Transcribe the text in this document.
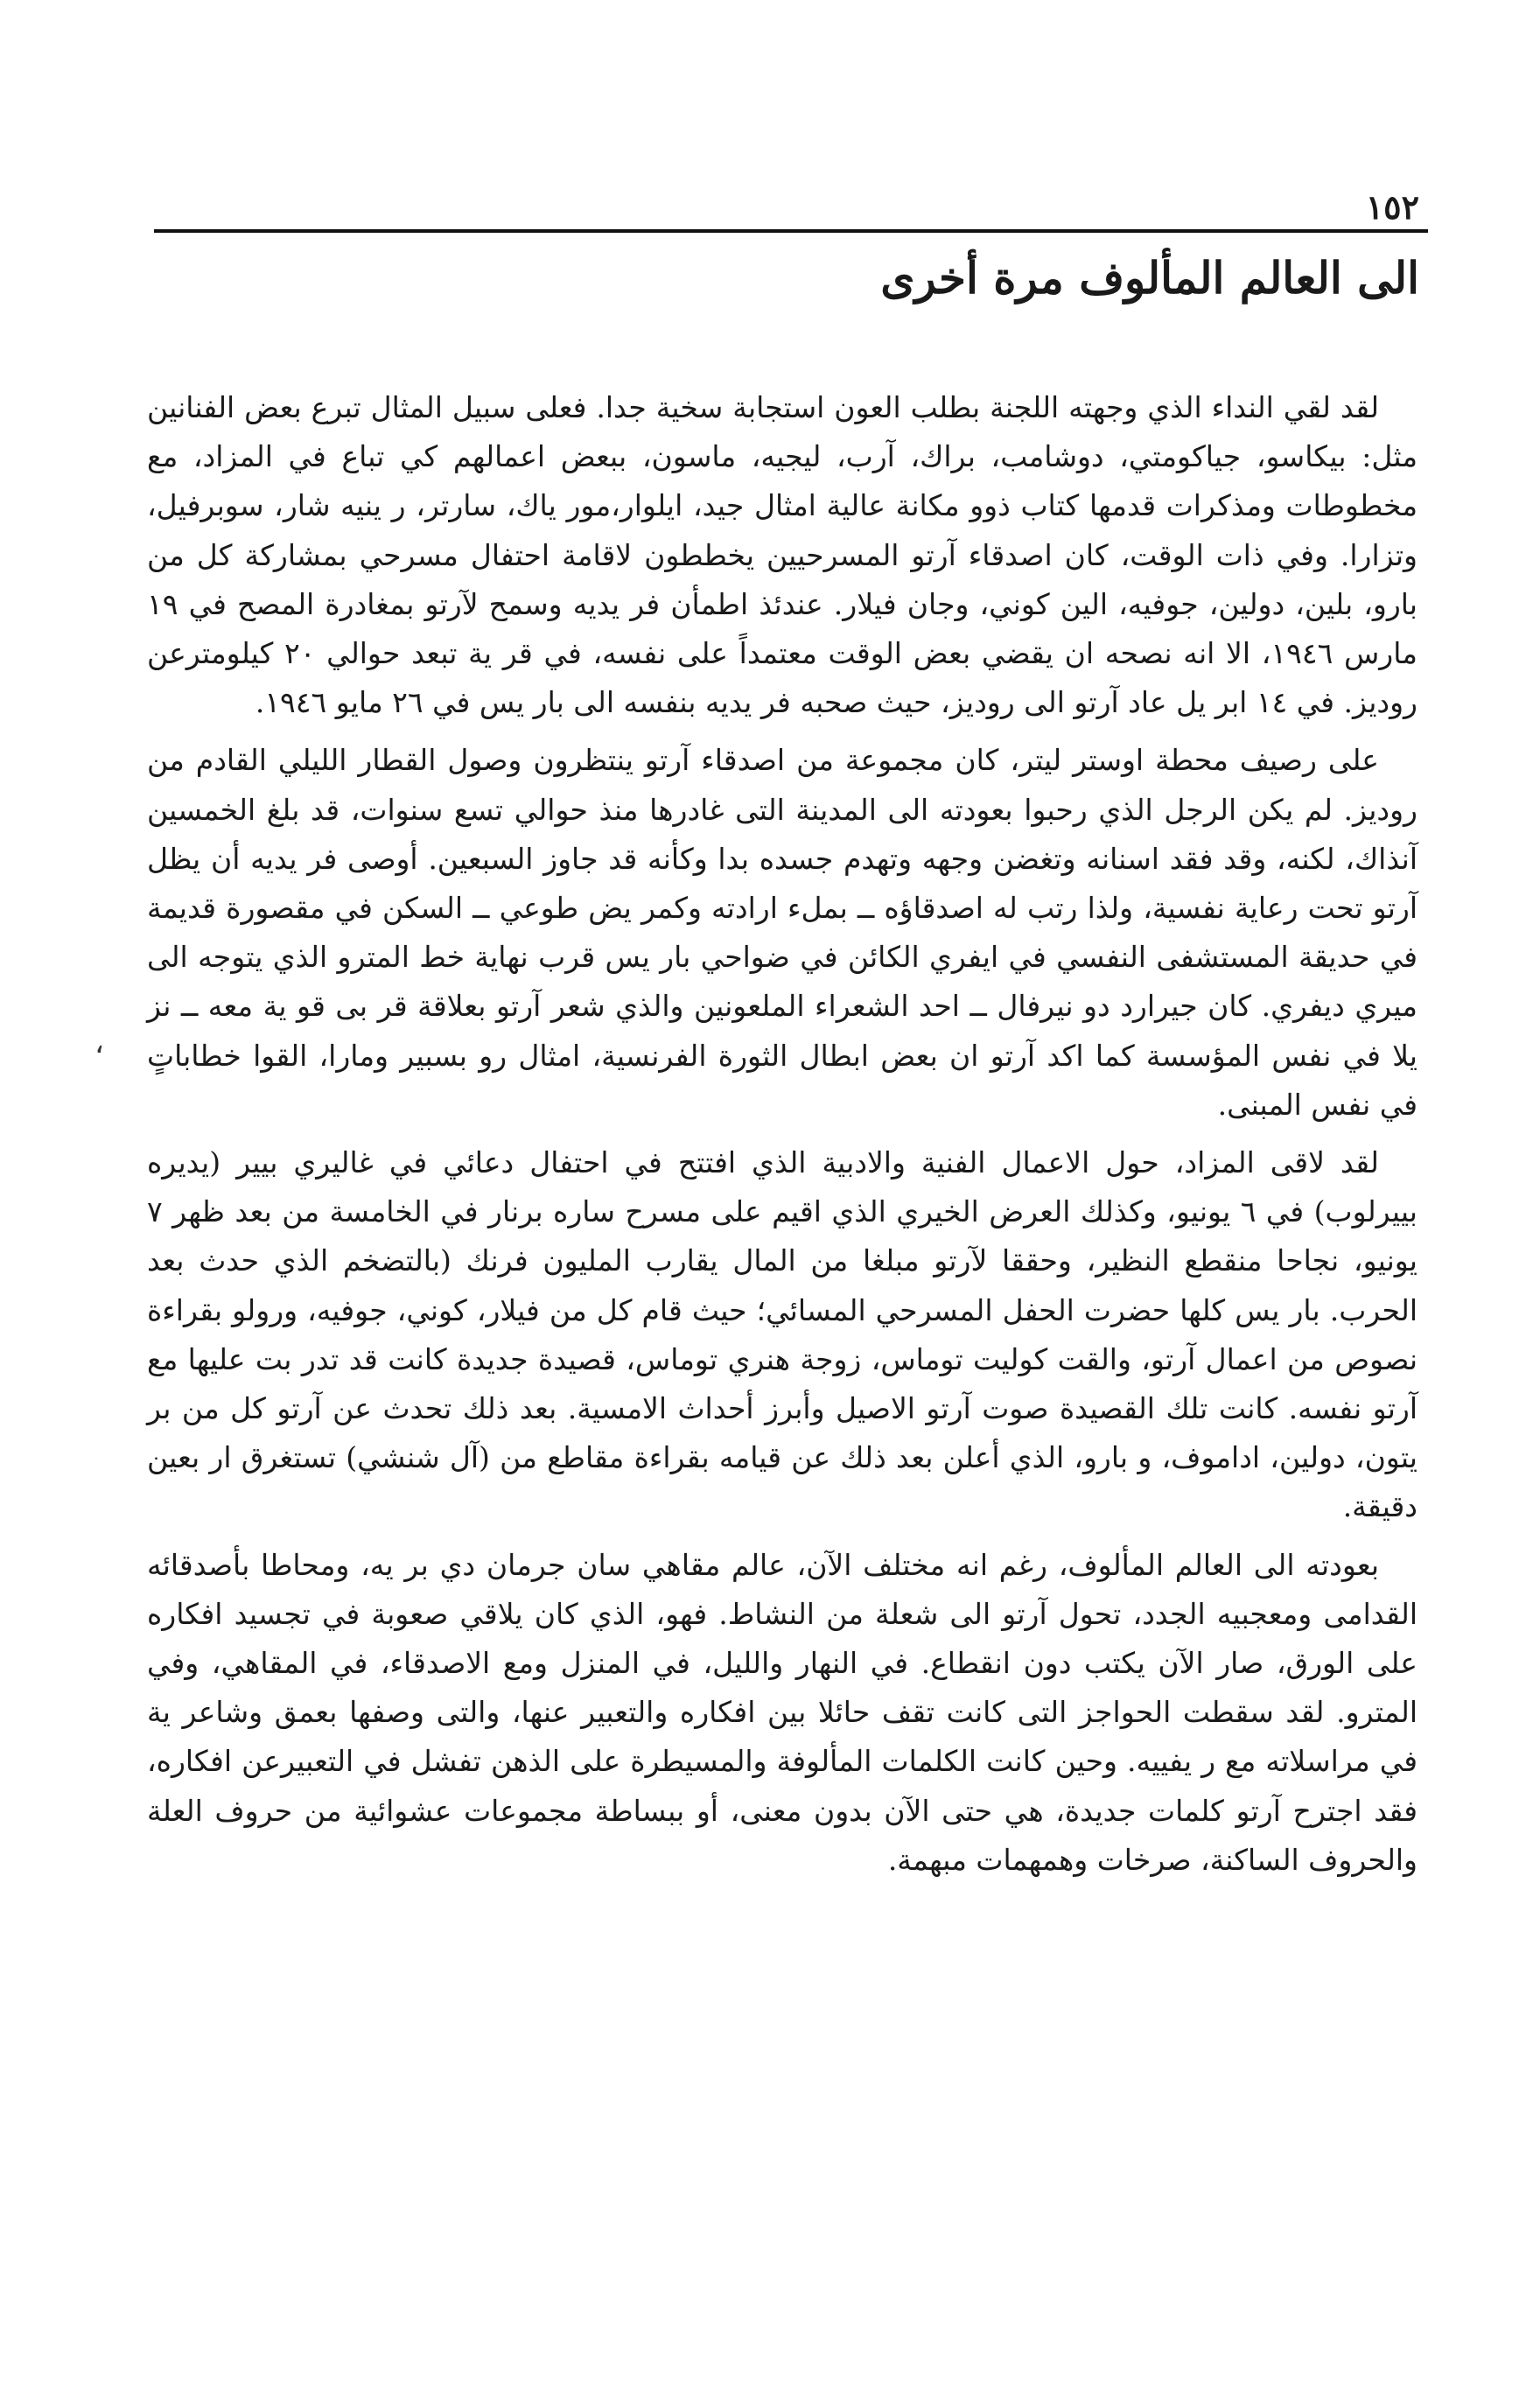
١٥٢
الى العالم المألوف مرة أخرى
،

لقد لقي النداء الذي وجهته اللجنة بطلب العون استجابة سخية جدا. فعلى سبيل المثال تبرع بعض الفنانين مثل: بيكاسو، جياكومتي، دوشامب، براك، آرب، ليجيه، ماسون، ببعض اعمالهم كي تباع في المزاد، مع مخطوطات ومذكرات قدمها كتاب ذوو مكانة عالية امثال جيد، ايلوار،مور ياك، سارتر، ر ينيه شار، سوبرفيل، وتزارا. وفي ذات الوقت، كان اصدقاء آرتو المسرحيين يخططون لاقامة احتفال مسرحي بمشاركة كل من بارو، بلين، دولين، جوفيه، الين كوني، وجان فيلار. عندئذ اطمأن فر يديه وسمح لآرتو بمغادرة المصح في ١٩ مارس ١٩٤٦، الا انه نصحه ان يقضي بعض الوقت معتمداً على نفسه، في قر ية تبعد حوالي ٢٠ كيلومترعن روديز. في ١٤ ابر يل عاد آرتو الى روديز، حيث صحبه فر يديه بنفسه الى بار يس في ٢٦ مايو ١٩٤٦.

على رصيف محطة اوستر ليتر، كان مجموعة من اصدقاء آرتو ينتظرون وصول القطار الليلي القادم من روديز. لم يكن الرجل الذي رحبوا بعودته الى المدينة التى غادرها منذ حوالي تسع سنوات، قد بلغ الخمسين آنذاك، لكنه، وقد فقد اسنانه وتغضن وجهه وتهدم جسده بدا وكأنه قد جاوز السبعين. أوصى فر يديه أن يظل آرتو تحت رعاية نفسية، ولذا رتب له اصدقاؤه ــ بملء ارادته وكمر يض طوعي ــ السكن في مقصورة قديمة في حديقة المستشفى النفسي في ايفري الكائن في ضواحي بار يس قرب نهاية خط المترو الذي يتوجه الى ميري ديفري. كان جيرارد دو نيرفال ــ احد الشعراء الملعونين والذي شعر آرتو بعلاقة قر بى قو ية معه ــ نز يلا في نفس المؤسسة كما اكد آرتو ان بعض ابطال الثورة الفرنسية، امثال رو بسبير ومارا، القوا خطاباتٍ في نفس المبنى.

لقد لاقى المزاد، حول الاعمال الفنية والادبية الذي افتتح في احتفال دعائي في غاليري بيير (يديره بييرلوب) في ٦ يونيو، وكذلك العرض الخيري الذي اقيم على مسرح ساره برنار في الخامسة من بعد ظهر ٧ يونيو، نجاحا منقطع النظير، وحققا لآرتو مبلغا من المال يقارب المليون فرنك (بالتضخم الذي حدث بعد الحرب. بار يس كلها حضرت الحفل المسرحي المسائي؛ حيث قام كل من فيلار، كوني، جوفيه، ورولو بقراءة نصوص من اعمال آرتو، والقت كوليت توماس، زوجة هنري توماس، قصيدة جديدة كانت قد تدر بت عليها مع آرتو نفسه. كانت تلك القصيدة صوت آرتو الاصيل وأبرز أحداث الامسية. بعد ذلك تحدث عن آرتو كل من بر يتون، دولين، اداموف، و بارو، الذي أعلن بعد ذلك عن قيامه بقراءة مقاطع من (آل شنشي) تستغرق ار بعين دقيقة.

بعودته الى العالم المألوف، رغم انه مختلف الآن، عالم مقاهي سان جرمان دي بر يه، ومحاطا بأصدقائه القدامى ومعجبيه الجدد، تحول آرتو الى شعلة من النشاط. فهو، الذي كان يلاقي صعوبة في تجسيد افكاره على الورق، صار الآن يكتب دون انقطاع. في النهار والليل، في المنزل ومع الاصدقاء، في المقاهي، وفي المترو. لقد سقطت الحواجز التى كانت تقف حائلا بين افكاره والتعبير عنها، والتى وصفها بعمق وشاعر ية في مراسلاته مع ر يفييه. وحين كانت الكلمات المألوفة والمسيطرة على الذهن تفشل في التعبيرعن افكاره، فقد اجترح آرتو كلمات جديدة، هي حتى الآن بدون معنى، أو ببساطة مجموعات عشوائية من حروف العلة والحروف الساكنة، صرخات وهمهمات مبهمة.
